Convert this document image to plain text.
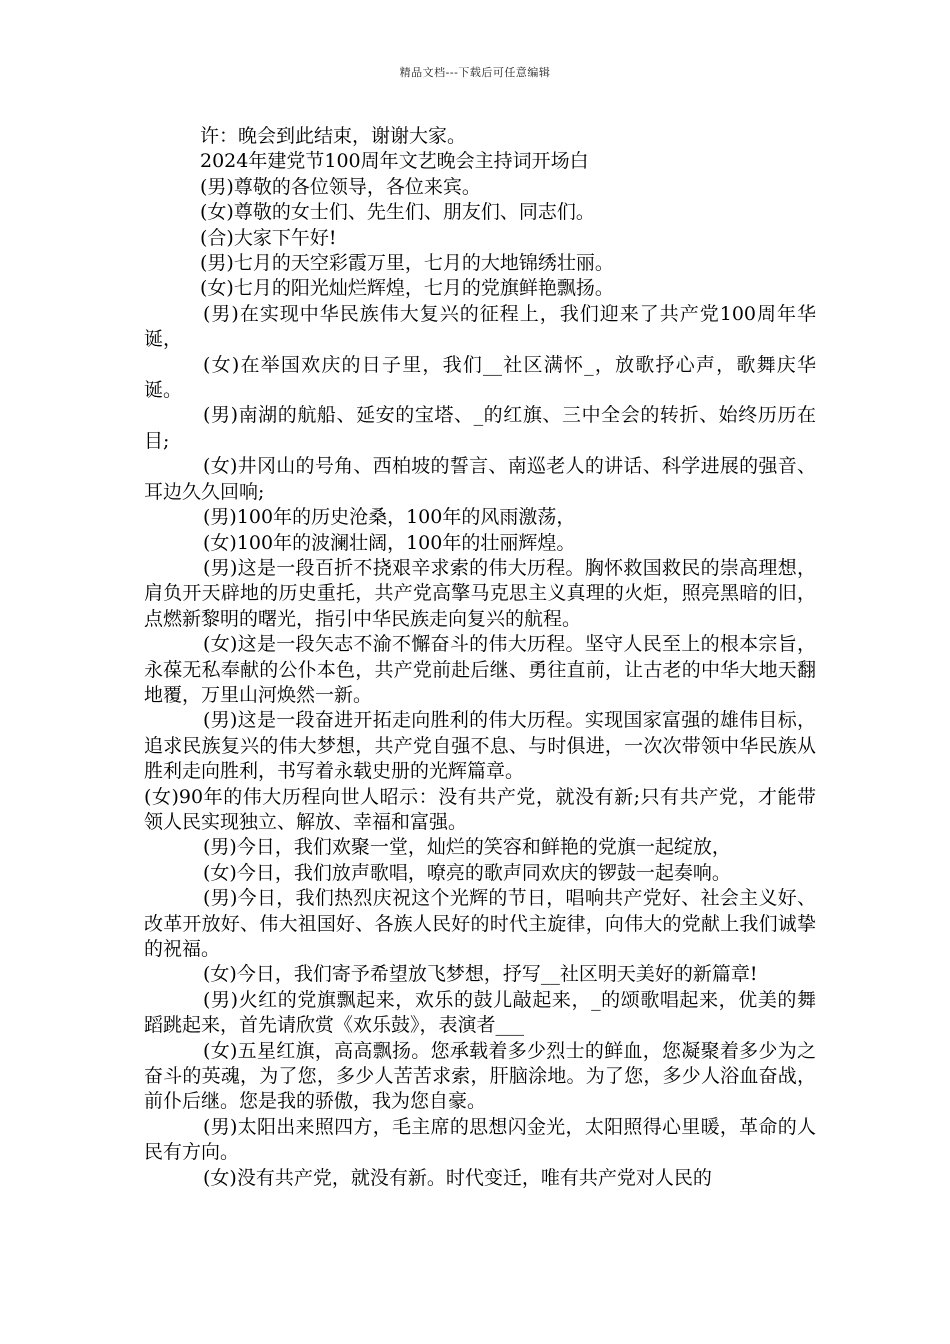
精品文档---下载后可任意编辑

许：晚会到此结束，谢谢大家。

2024年建党节100周年文艺晚会主持词开场白

(男)尊敬的各位领导，各位来宾。

(女)尊敬的女士们、先生们、朋友们、同志们。

(合)大家下午好!

(男)七月的天空彩霞万里，七月的大地锦绣壮丽。

(女)七月的阳光灿烂辉煌，七月的党旗鲜艳飘扬。

(男)在实现中华民族伟大复兴的征程上，我们迎来了共产党100周年华诞，

(女)在举国欢庆的日子里，我们__社区满怀_，放歌抒心声，歌舞庆华诞。

(男)南湖的航船、延安的宝塔、_的红旗、三中全会的转折、始终历历在目;

(女)井冈山的号角、西柏坡的誓言、南巡老人的讲话、科学进展的强音、耳边久久回响;

(男)100年的历史沧桑，100年的风雨激荡，

(女)100年的波澜壮阔，100年的壮丽辉煌。

(男)这是一段百折不挠艰辛求索的伟大历程。胸怀救国救民的崇高理想，肩负开天辟地的历史重托，共产党高擎马克思主义真理的火炬，照亮黑暗的旧，点燃新黎明的曙光，指引中华民族走向复兴的航程。

(女)这是一段矢志不渝不懈奋斗的伟大历程。坚守人民至上的根本宗旨，永葆无私奉献的公仆本色，共产党前赴后继、勇往直前，让古老的中华大地天翻地覆，万里山河焕然一新。

(男)这是一段奋进开拓走向胜利的伟大历程。实现国家富强的雄伟目标，追求民族复兴的伟大梦想，共产党自强不息、与时俱进，一次次带领中华民族从胜利走向胜利，书写着永载史册的光辉篇章。

(女)90年的伟大历程向世人昭示：没有共产党，就没有新;只有共产党，才能带领人民实现独立、解放、幸福和富强。

(男)今日，我们欢聚一堂，灿烂的笑容和鲜艳的党旗一起绽放，

(女)今日，我们放声歌唱，嘹亮的歌声同欢庆的锣鼓一起奏响。

(男)今日，我们热烈庆祝这个光辉的节日，唱响共产党好、社会主义好、改革开放好、伟大祖国好、各族人民好的时代主旋律，向伟大的党献上我们诚挚的祝福。

(女)今日，我们寄予希望放飞梦想，抒写__社区明天美好的新篇章!

(男)火红的党旗飘起来，欢乐的鼓儿敲起来，_的颂歌唱起来，优美的舞蹈跳起来，首先请欣赏《欢乐鼓》，表演者___

(女)五星红旗，高高飘扬。您承载着多少烈士的鲜血，您凝聚着多少为之奋斗的英魂，为了您，多少人苦苦求索，肝脑涂地。为了您，多少人浴血奋战，前仆后继。您是我的骄傲，我为您自豪。

(男)太阳出来照四方，毛主席的思想闪金光，太阳照得心里暖，革命的人民有方向。

(女)没有共产党，就没有新。时代变迁，唯有共产党对人民的
